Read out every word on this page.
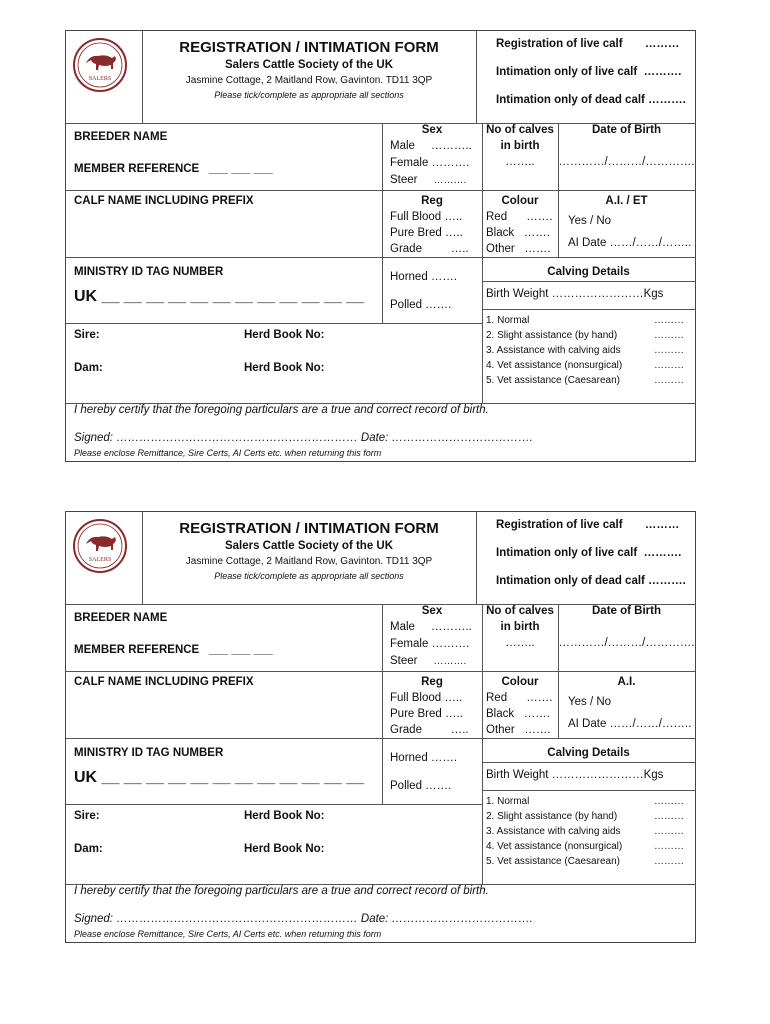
SALERS
REGISTRATION / INTIMATION FORM
Salers Cattle Society of the UK
Jasmine Cottage, 2 Maitland Row, Gavinton. TD11 3QP
Please tick/complete as appropriate all sections
Registration of live calf ………
Intimation only of live calf ……….
Intimation only of dead calf ……….
BREEDER NAME
MEMBER REFERENCE ___ ___ ___
CALF NAME INCLUDING PREFIX
MINISTRY ID TAG NUMBER
UK __ __ __ __ __ __ __ __ __ __ __ __
Sire:	Herd Book No:
Dam:	Herd Book No:
Sex
Male ………..
Female ……….
Steer ……….
No of calves
in birth
……..
Date of Birth
…………/………/………….
Reg
Full Blood …..
Pure Bred …..
Grade	…..
Colour
Red …….
Black …….
Other …….
A.I. / ET
Yes / No
AI Date ……/……/……..
Horned …….
Polled …….
Calving Details
Birth Weight ……………………Kgs
1. Normal	………
2. Slight assistance (by hand)	………
3. Assistance with calving aids	………
4. Vet assistance (nonsurgical)	………
5. Vet assistance (Caesarean)	………
I hereby certify that the foregoing particulars are a true and correct record of birth.
Signed: ……………………………………………………… Date: ……………………………….
Please enclose Remittance, Sire Certs, AI Certs etc. when returning this form
SALERS
REGISTRATION / INTIMATION FORM
Salers Cattle Society of the UK
Jasmine Cottage, 2 Maitland Row, Gavinton. TD11 3QP
Please tick/complete as appropriate all sections
Registration of live calf ………
Intimation only of live calf ……….
Intimation only of dead calf ……….
BREEDER NAME
MEMBER REFERENCE ___ ___ ___
CALF NAME INCLUDING PREFIX
MINISTRY ID TAG NUMBER
UK __ __ __ __ __ __ __ __ __ __ __ __
Sire:	Herd Book No:
Dam:	Herd Book No:
Sex
Male ………..
Female ……….
Steer ……….
No of calves
in birth
……..
Date of Birth
…………/………/………….
Reg
Full Blood …..
Pure Bred …..
Grade	…..
Colour
Red …….
Black …….
Other …….
A.I.
Yes / No
AI Date ……/……/……..
Horned …….
Polled …….
Calving Details
Birth Weight ……………………Kgs
1. Normal	………
2. Slight assistance (by hand)	………
3. Assistance with calving aids	………
4. Vet assistance (nonsurgical)	………
5. Vet assistance (Caesarean)	………
I hereby certify that the foregoing particulars are a true and correct record of birth.
Signed: ……………………………………………………… Date: ……………………………….
Please enclose Remittance, Sire Certs, AI Certs etc. when returning this form
